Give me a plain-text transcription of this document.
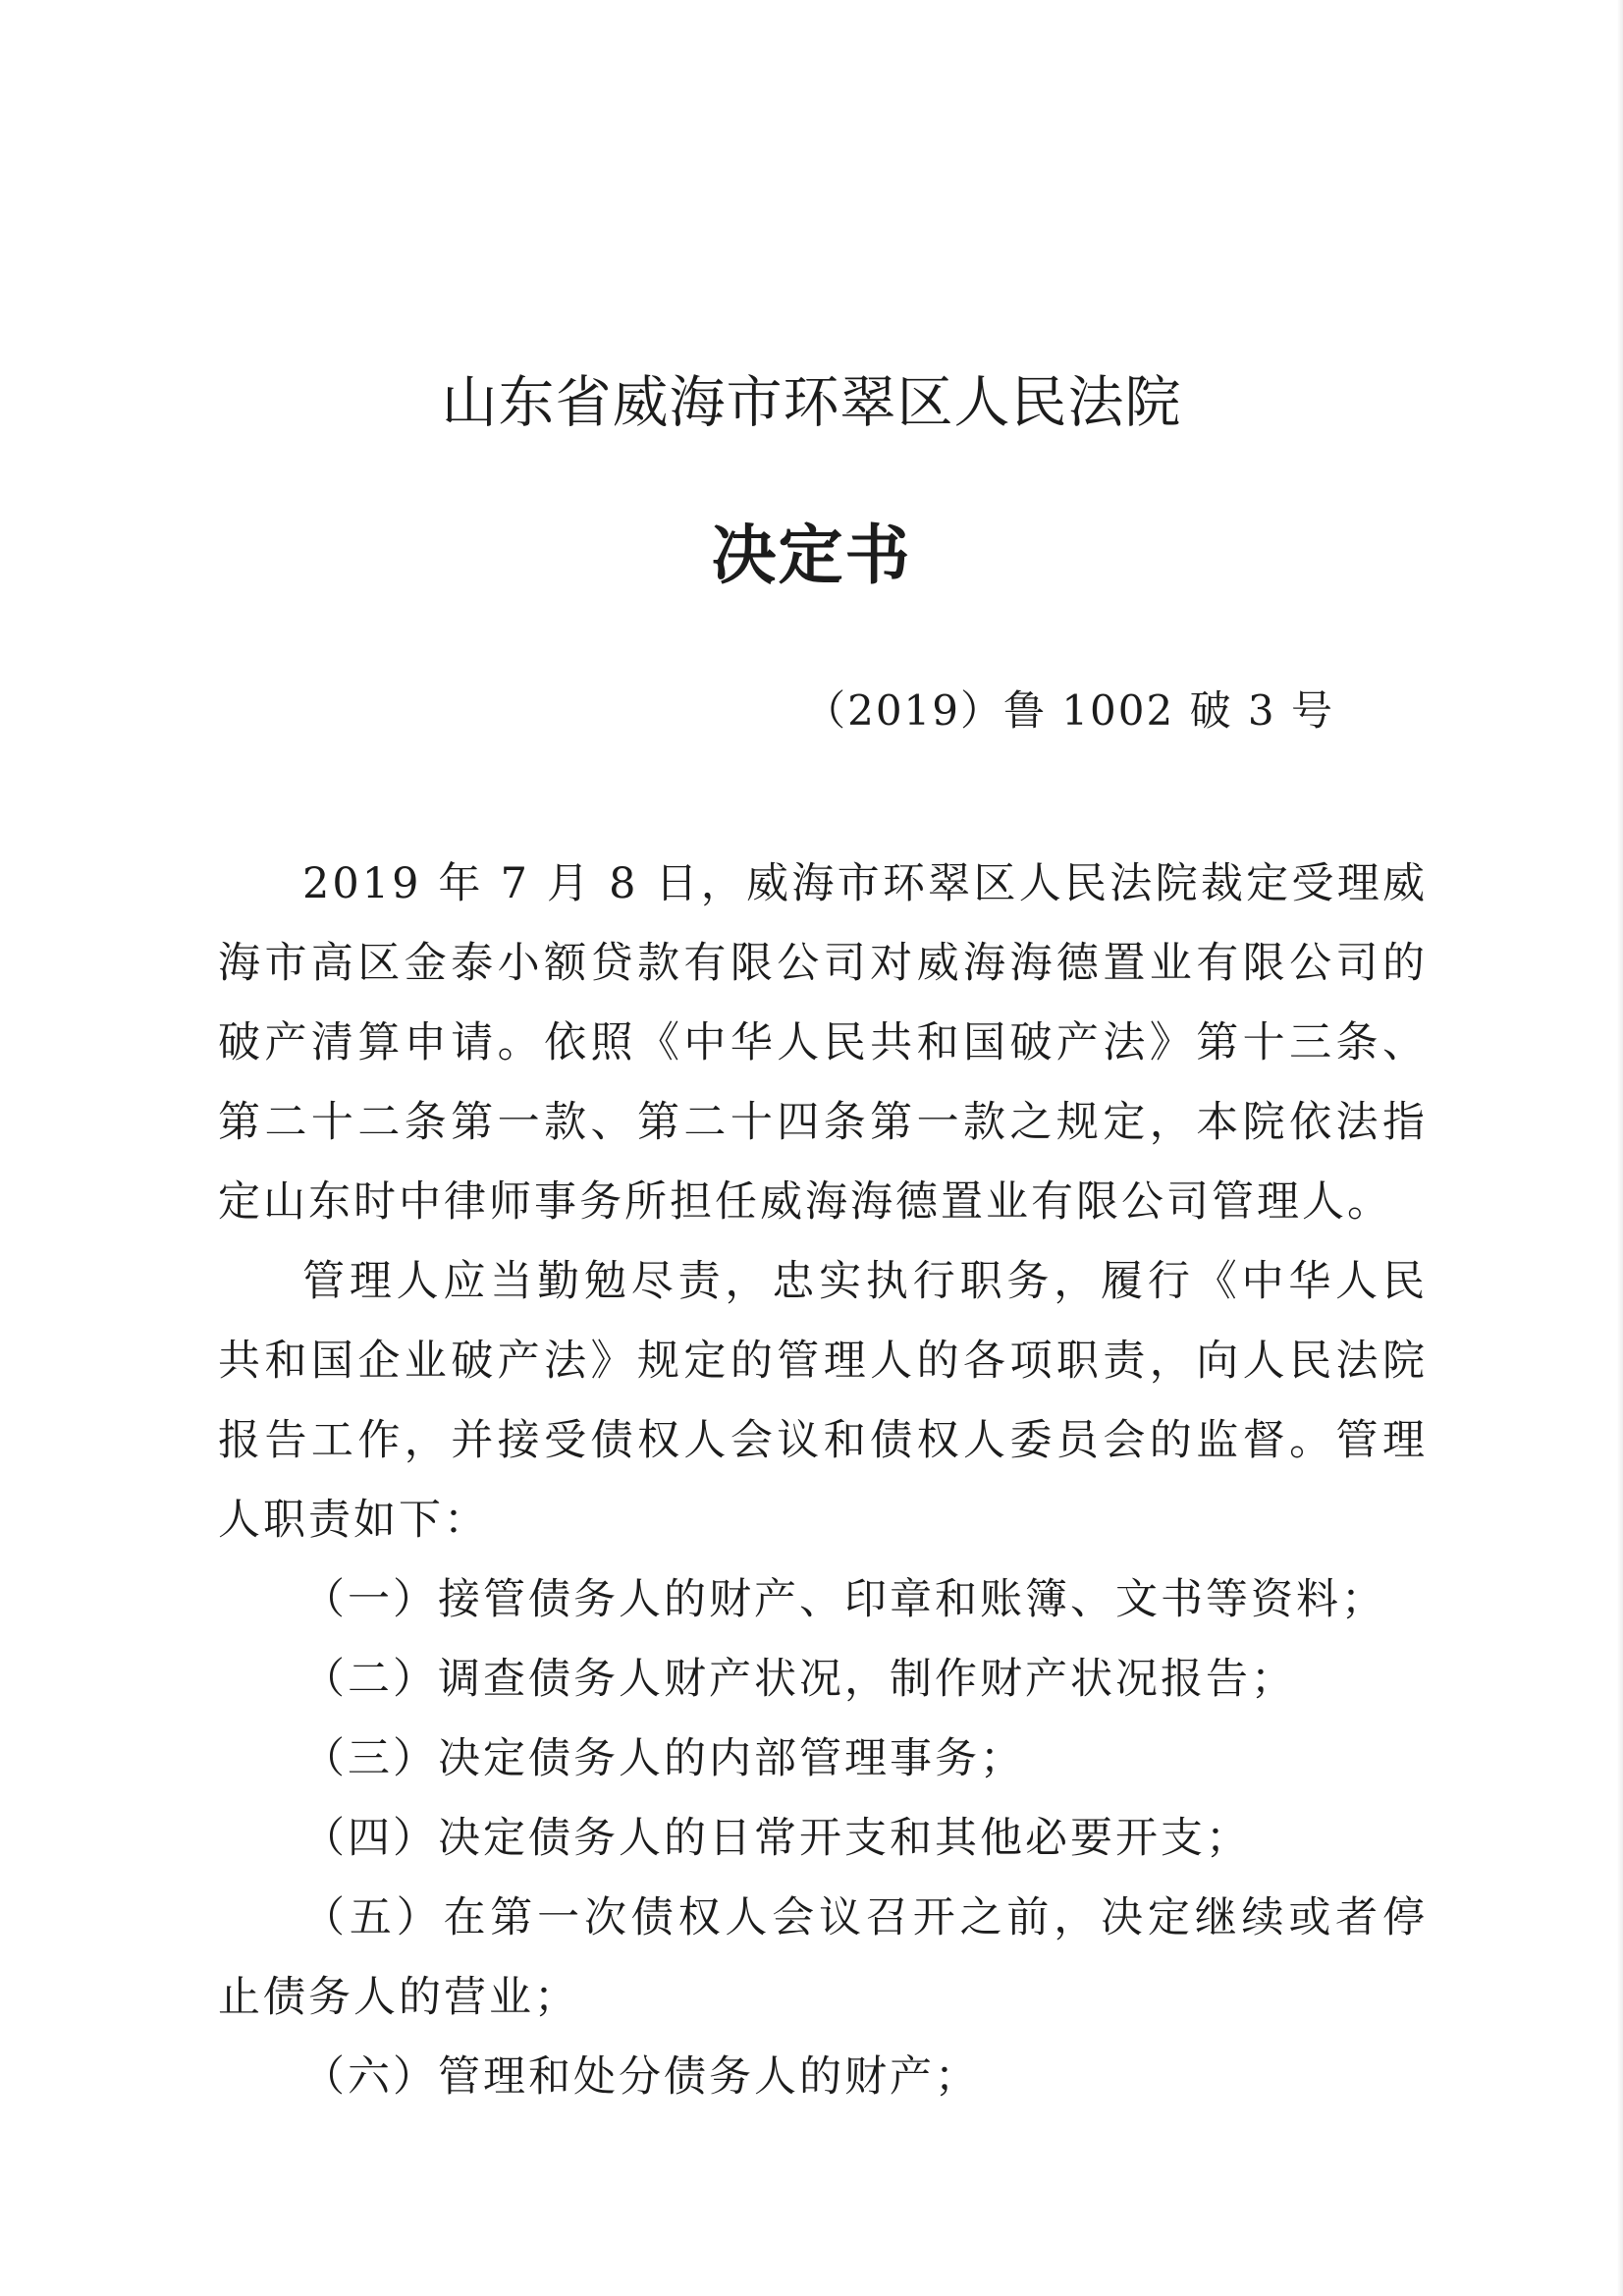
山东省威海市环翠区人民法院
决定书
（2019）鲁 1002 破 3 号

2019 年 7 月 8 日，威海市环翠区人民法院裁定受理威海市高区金泰小额贷款有限公司对威海海德置业有限公司的破产清算申请。依照《中华人民共和国破产法》第十三条、第二十二条第一款、第二十四条第一款之规定，本院依法指定山东时中律师事务所担任威海海德置业有限公司管理人。

管理人应当勤勉尽责，忠实执行职务，履行《中华人民共和国企业破产法》规定的管理人的各项职责，向人民法院报告工作，并接受债权人会议和债权人委员会的监督。管理人职责如下：

（一）接管债务人的财产、印章和账簿、文书等资料；

（二）调查债务人财产状况，制作财产状况报告；

（三）决定债务人的内部管理事务；

（四）决定债务人的日常开支和其他必要开支；

（五）在第一次债权人会议召开之前，决定继续或者停止债务人的营业；

（六）管理和处分债务人的财产；
